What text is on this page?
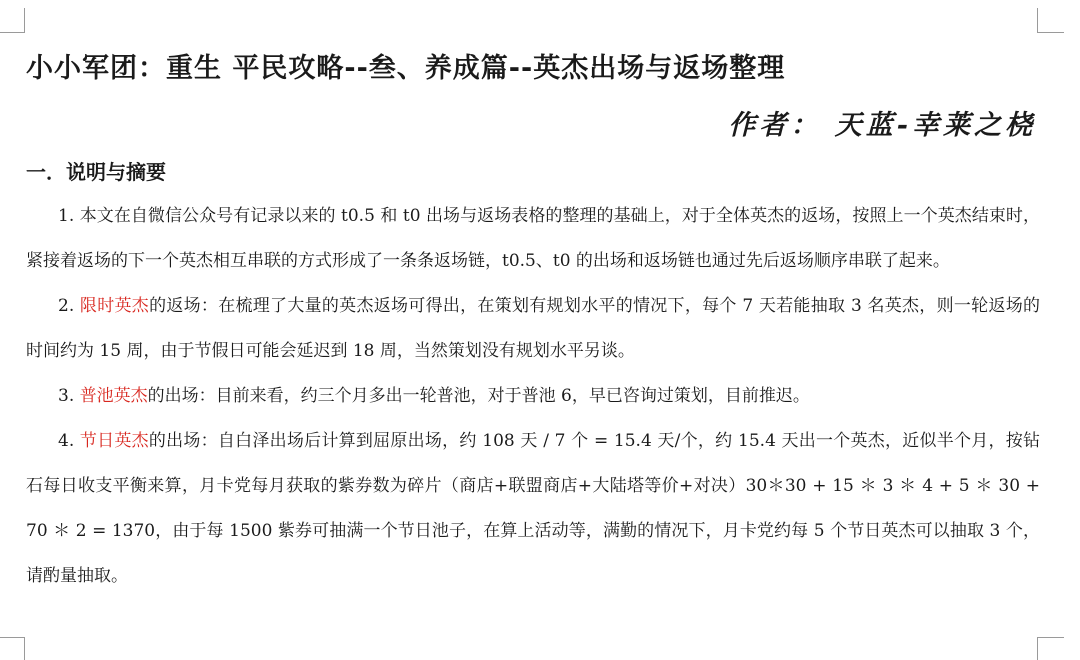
小小军团：重生 平民攻略--叁、养成篇--英杰出场与返场整理
作者： 天蓝-幸莱之桡
一．说明与摘要

1. 本文在自微信公众号有记录以来的 t0.5 和 t0 出场与返场表格的整理的基础上，对于全体英杰的返场，按照上一个英杰结束时，紧接着返场的下一个英杰相互串联的方式形成了一条条返场链，t0.5、t0 的出场和返场链也通过先后返场顺序串联了起来。

2. 限时英杰的返场：在梳理了大量的英杰返场可得出，在策划有规划水平的情况下，每个 7 天若能抽取 3 名英杰，则一轮返场的时间约为 15 周，由于节假日可能会延迟到 18 周，当然策划没有规划水平另谈。

3. 普池英杰的出场：目前来看，约三个月多出一轮普池，对于普池 6，早已咨询过策划，目前推迟。

4. 节日英杰的出场：自白泽出场后计算到屈原出场，约 108 天 / 7 个 = 15.4 天/个，约 15.4 天出一个英杰，近似半个月，按钻石每日收支平衡来算，月卡党每月获取的紫券数为碎片（商店+联盟商店+大陆塔等价+对决）30＊30 + 15 ＊ 3 ＊ 4 + 5 ＊ 30 + 70 ＊ 2 = 1370，由于每 1500 紫券可抽满一个节日池子，在算上活动等，满勤的情况下，月卡党约每 5 个节日英杰可以抽取 3 个，请酌量抽取。
